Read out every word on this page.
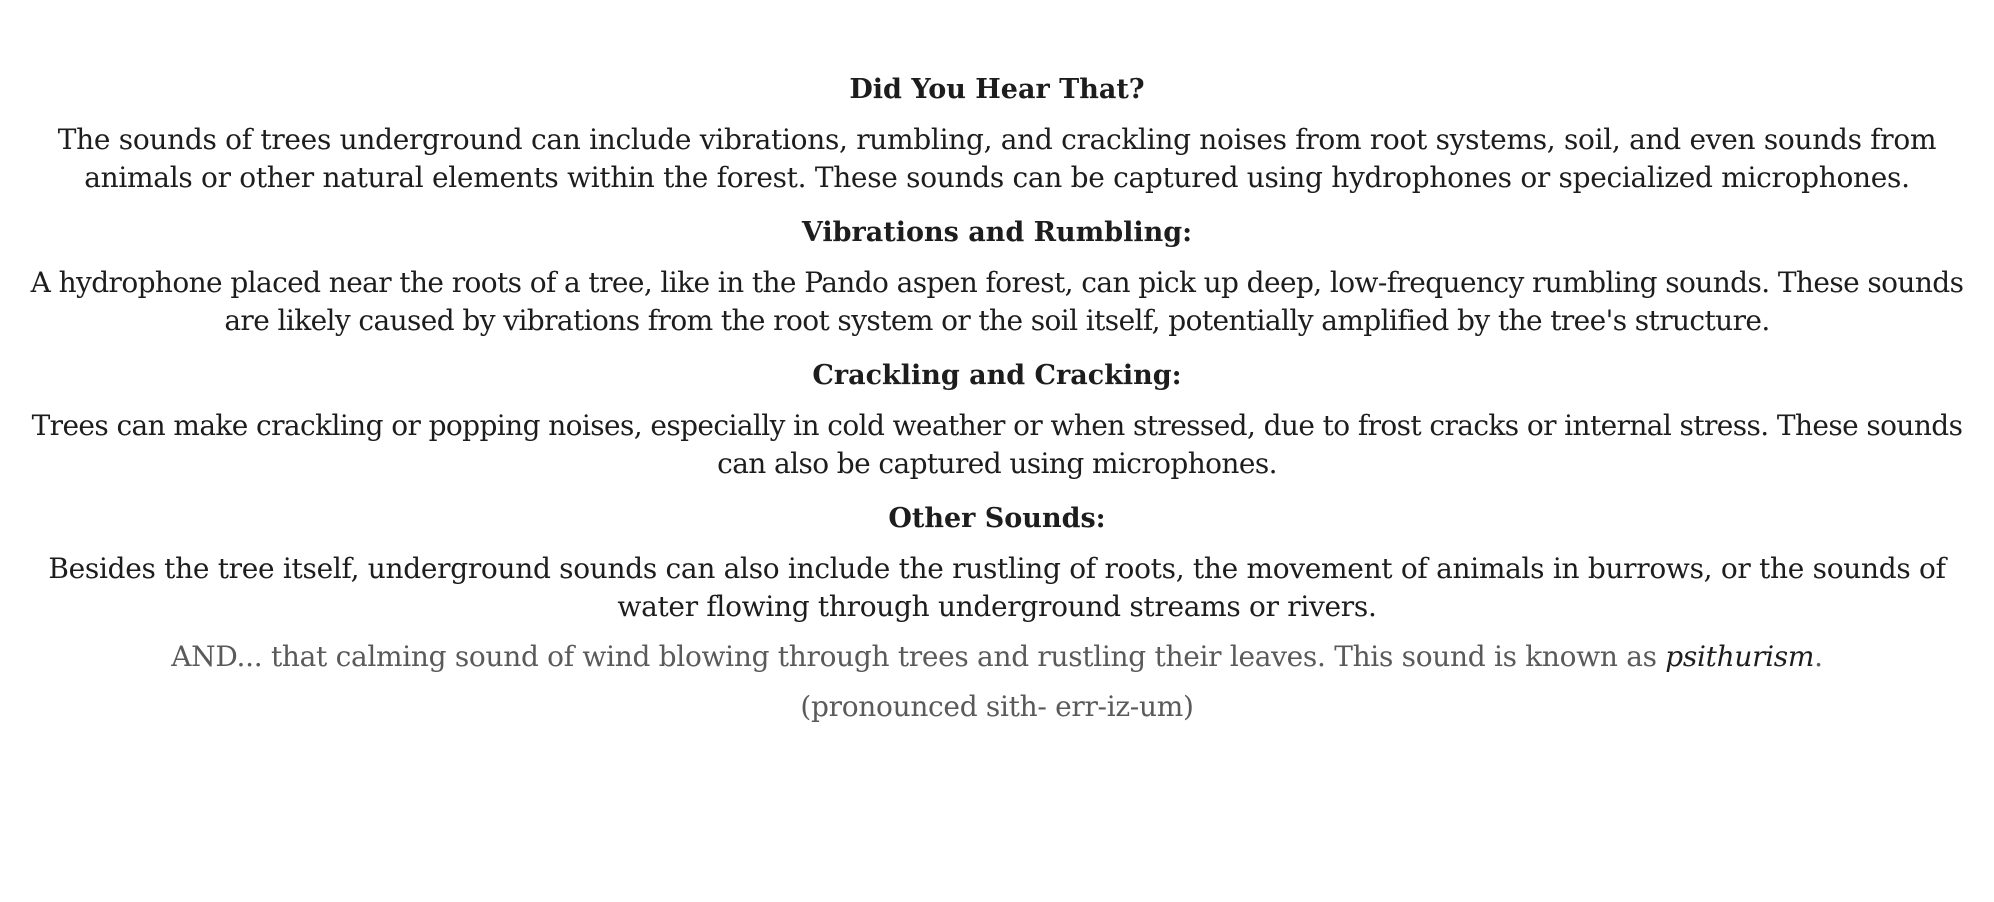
Did You Hear That?

The sounds of trees underground can include vibrations, rumbling, and crackling noises from root systems, soil, and even sounds from animals or other natural elements within the forest. These sounds can be captured using hydrophones or specialized microphones.

Vibrations and Rumbling:

A hydrophone placed near the roots of a tree, like in the Pando aspen forest, can pick up deep, low-frequency rumbling sounds. These sounds are likely caused by vibrations from the root system or the soil itself, potentially amplified by the tree's structure.

Crackling and Cracking:

Trees can make crackling or popping noises, especially in cold weather or when stressed, due to frost cracks or internal stress. These sounds can also be captured using microphones.

Other Sounds:

Besides the tree itself, underground sounds can also include the rustling of roots, the movement of animals in burrows, or the sounds of water flowing through underground streams or rivers.

AND... that calming sound of wind blowing through trees and rustling their leaves. This sound is known as psithurism.

(pronounced sith- err-iz-um)
